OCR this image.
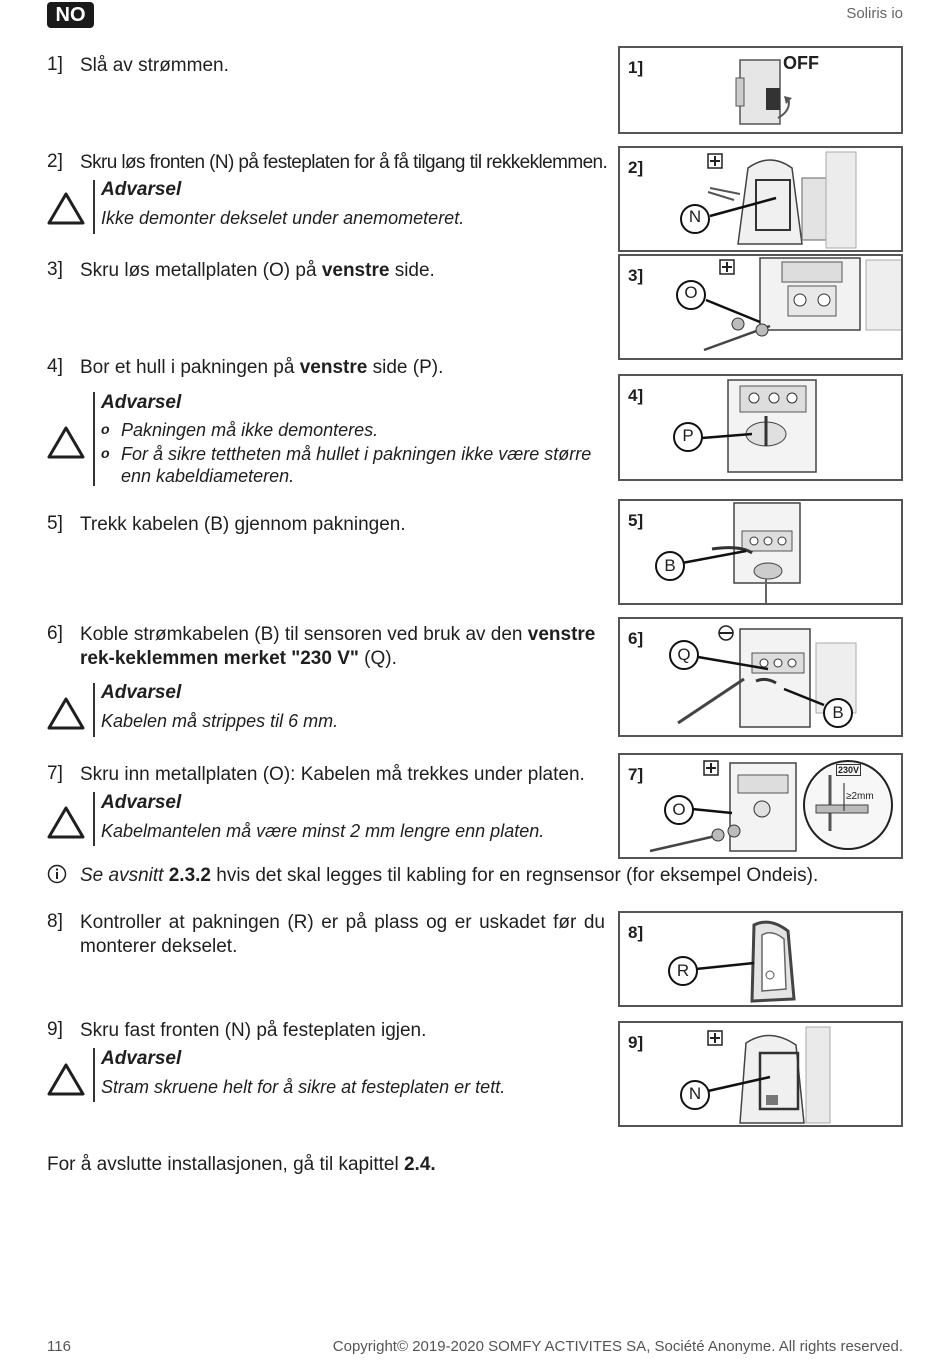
NO	Soliris io
1] Slå av strømmen.
2] Skru løs fronten (N) på festeplaten for å få tilgang til rekkeklemmen.
Advarsel
Ikke demonter dekselet under anemometeret.
3] Skru løs metallplaten (O) på venstre side.
4] Bor et hull i pakningen på venstre side (P).
Advarsel
o Pakningen må ikke demonteres.
o For å sikre tettheten må hullet i pakningen ikke være større enn kabeldiameteren.
5] Trekk kabelen (B) gjennom pakningen.
6] Koble strømkabelen (B) til sensoren ved bruk av den venstre rek-keklemmen merket "230 V" (Q).
Advarsel
Kabelen må strippes til 6 mm.
7] Skru inn metallplaten (O): Kabelen må trekkes under platen.
Advarsel
Kabelmantelen må være minst 2 mm lengre enn platen.
Se avsnitt 2.3.2 hvis det skal legges til kabling for en regnsensor (for eksempel Ondeis).
8] Kontroller at pakningen (R) er på plass og er uskadet før du monterer dekselet.
9] Skru fast fronten (N) på festeplaten igjen.
Advarsel
Stram skruene helt for å sikre at festeplaten er tett.
For å avslutte installasjonen, gå til kapittel 2.4.
1]	OFF
2]
N
3]
O
4]
P
5]
B
6]
Q
B
7]
O
230V
≥2mm
8]
R
9]
N
116	Copyright© 2019-2020 SOMFY ACTIVITES SA, Société Anonyme. All rights reserved.
